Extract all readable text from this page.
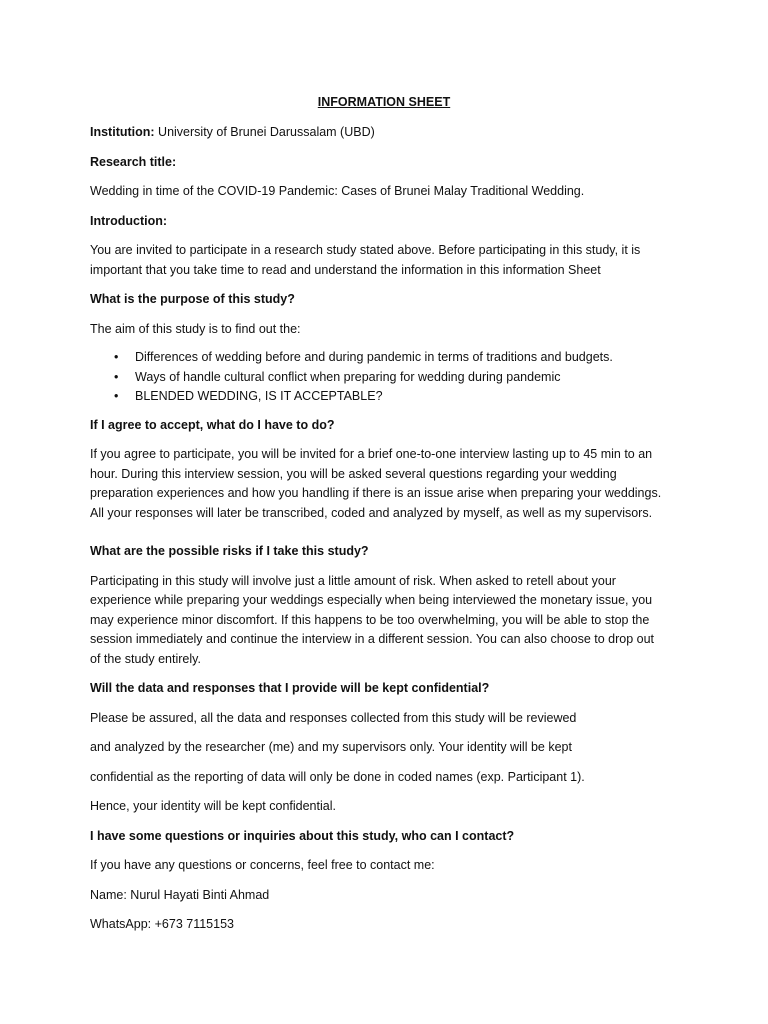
INFORMATION SHEET

Institution: University of Brunei Darussalam (UBD)

Research title:

Wedding in time of the COVID-19 Pandemic: Cases of Brunei Malay Traditional Wedding.

Introduction:

You are invited to participate in a research study stated above. Before participating in this study, it is
important that you take time to read and understand the information in this information Sheet

What is the purpose of this study?

The aim of this study is to find out the:

• Differences of wedding before and during pandemic in terms of traditions and budgets.
• Ways of handle cultural conflict when preparing for wedding during pandemic
• BLENDED WEDDING, IS IT ACCEPTABLE?

If I agree to accept, what do I have to do?

If you agree to participate, you will be invited for a brief one-to-one interview lasting up to 45 min to an
hour. During this interview session, you will be asked several questions regarding your wedding
preparation experiences and how you handling if there is an issue arise when preparing your weddings.
All your responses will later be transcribed, coded and analyzed by myself, as well as my supervisors.

What are the possible risks if I take this study?

Participating in this study will involve just a little amount of risk. When asked to retell about your
experience while preparing your weddings especially when being interviewed the monetary issue, you
may experience minor discomfort. If this happens to be too overwhelming, you will be able to stop the
session immediately and continue the interview in a different session. You can also choose to drop out
of the study entirely.

Will the data and responses that I provide will be kept confidential?

Please be assured, all the data and responses collected from this study will be reviewed

and analyzed by the researcher (me) and my supervisors only. Your identity will be kept

confidential as the reporting of data will only be done in coded names (exp. Participant 1).

Hence, your identity will be kept confidential.

I have some questions or inquiries about this study, who can I contact?

If you have any questions or concerns, feel free to contact me:

Name: Nurul Hayati Binti Ahmad

WhatsApp: +673 7115153
